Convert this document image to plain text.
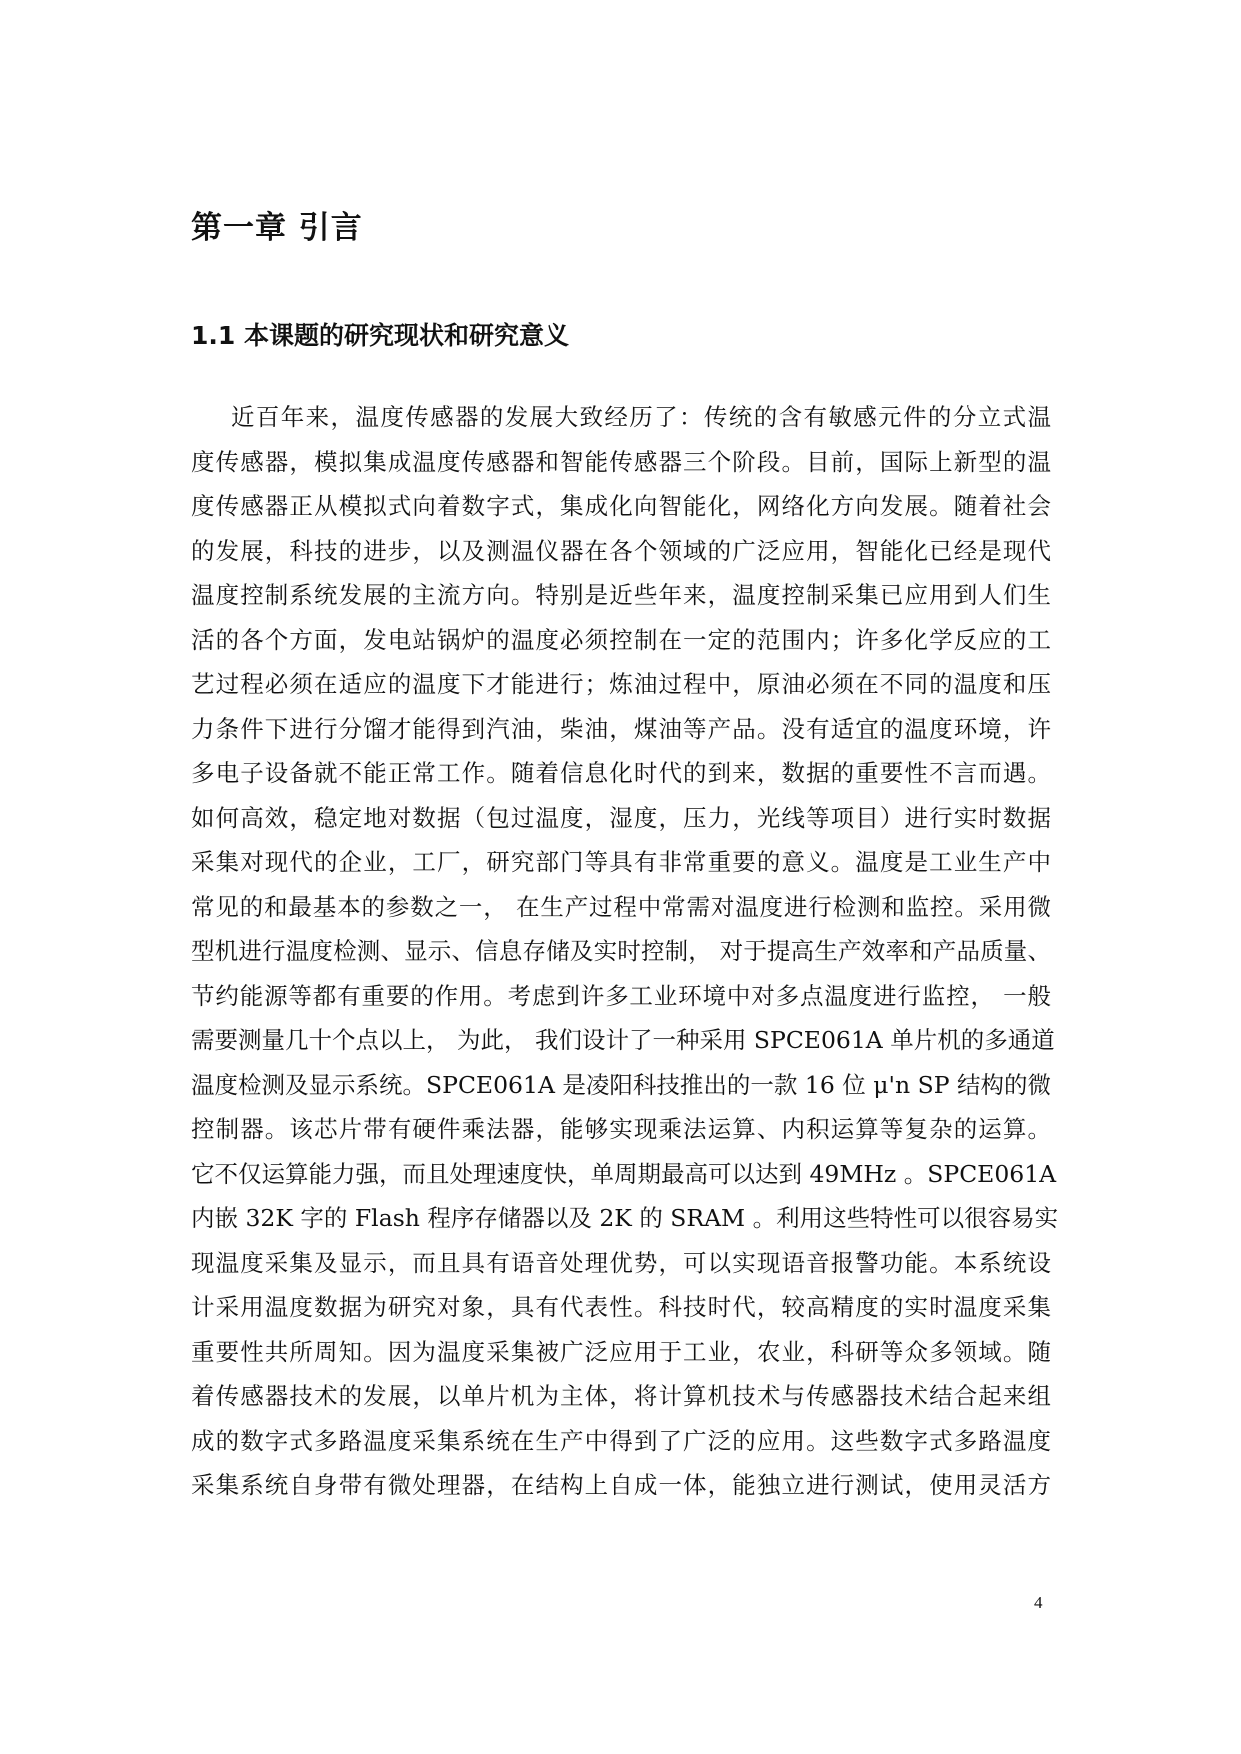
第一章 引言
1.1 本课题的研究现状和研究意义
近百年来，温度传感器的发展大致经历了：传统的含有敏感元件的分立式温
度传感器，模拟集成温度传感器和智能传感器三个阶段。目前，国际上新型的温
度传感器正从模拟式向着数字式，集成化向智能化，网络化方向发展。随着社会
的发展，科技的进步，以及测温仪器在各个领域的广泛应用，智能化已经是现代
温度控制系统发展的主流方向。特别是近些年来，温度控制采集已应用到人们生
活的各个方面，发电站锅炉的温度必须控制在一定的范围内；许多化学反应的工
艺过程必须在适应的温度下才能进行；炼油过程中，原油必须在不同的温度和压
力条件下进行分馏才能得到汽油，柴油，煤油等产品。没有适宜的温度环境，许
多电子设备就不能正常工作。随着信息化时代的到来，数据的重要性不言而遇。
如何高效，稳定地对数据（包过温度，湿度，压力，光线等项目）进行实时数据
采集对现代的企业，工厂，研究部门等具有非常重要的意义。温度是工业生产中
常见的和最基本的参数之一， 在生产过程中常需对温度进行检测和监控。采用微
型机进行温度检测、显示、信息存储及实时控制， 对于提高生产效率和产品质量、
节约能源等都有重要的作用。考虑到许多工业环境中对多点温度进行监控， 一般
需要测量几十个点以上， 为此， 我们设计了一种采用 SPCE061A 单片机的多通道
温度检测及显示系统。SPCE061A 是凌阳科技推出的一款 16 位 μ'n SP 结构的微
控制器。该芯片带有硬件乘法器，能够实现乘法运算、内积运算等复杂的运算。
它不仅运算能力强，而且处理速度快，单周期最高可以达到 49MHz 。SPCE061A
内嵌 32K 字的 Flash 程序存储器以及 2K 的 SRAM 。利用这些特性可以很容易实
现温度采集及显示，而且具有语音处理优势，可以实现语音报警功能。本系统设
计采用温度数据为研究对象，具有代表性。科技时代，较高精度的实时温度采集
重要性共所周知。因为温度采集被广泛应用于工业，农业，科研等众多领域。随
着传感器技术的发展，以单片机为主体，将计算机技术与传感器技术结合起来组
成的数字式多路温度采集系统在生产中得到了广泛的应用。这些数字式多路温度
采集系统自身带有微处理器，在结构上自成一体，能独立进行测试，使用灵活方
4
